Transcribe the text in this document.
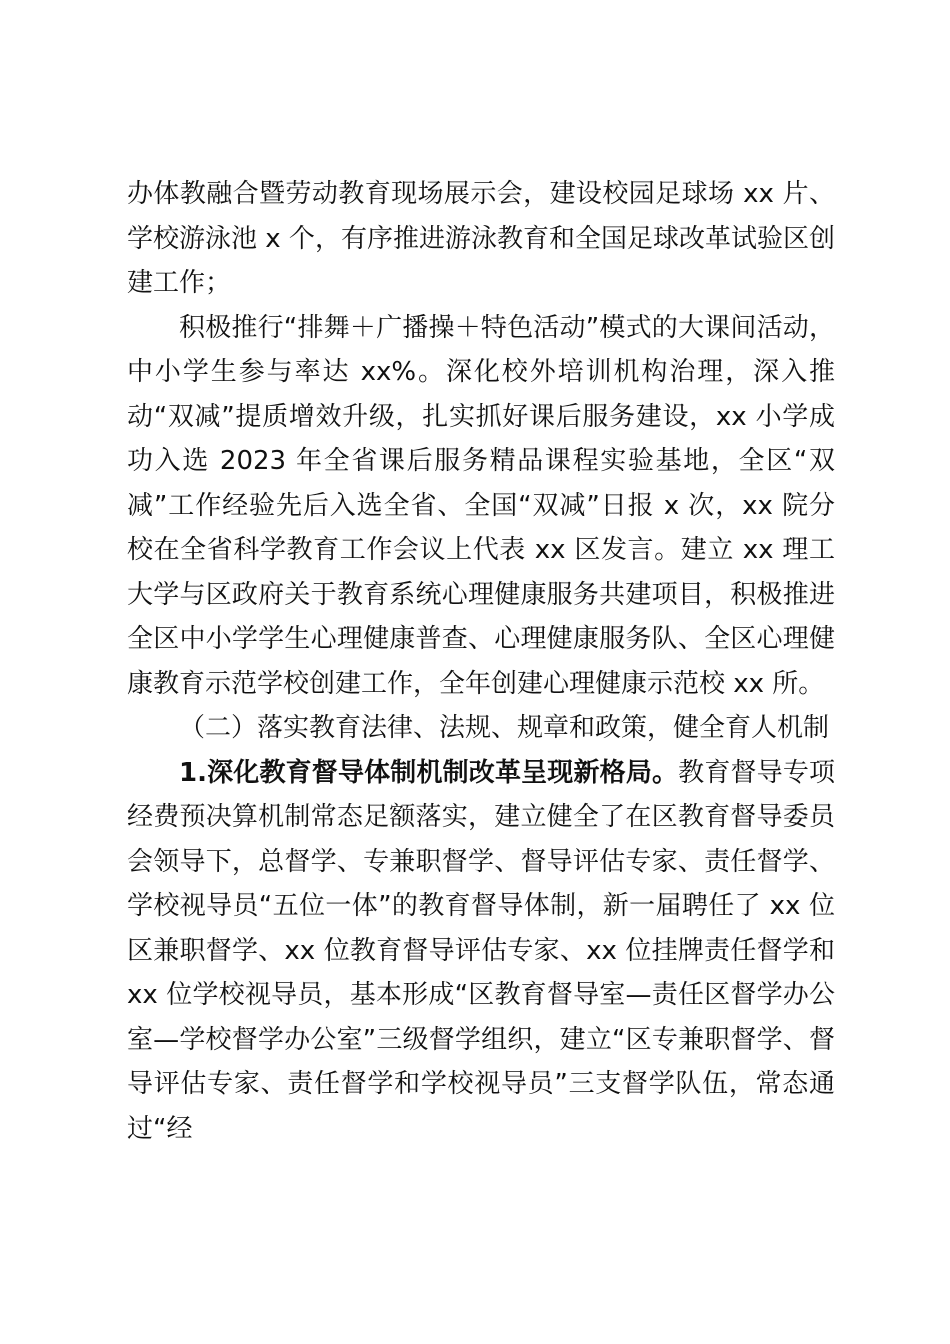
办体教融合暨劳动教育现场展示会，建设校园足球场 xx 片、学校游泳池 x 个，有序推进游泳教育和全国足球改革试验区创建工作；

积极推行“排舞＋广播操＋特色活动”模式的大课间活动，中小学生参与率达 xx%。深化校外培训机构治理，深入推动“双减”提质增效升级，扎实抓好课后服务建设，xx 小学成功入选 2023 年全省课后服务精品课程实验基地，全区“双减”工作经验先后入选全省、全国“双减”日报 x 次，xx 院分校在全省科学教育工作会议上代表 xx 区发言。建立 xx 理工大学与区政府关于教育系统心理健康服务共建项目，积极推进全区中小学学生心理健康普查、心理健康服务队、全区心理健康教育示范学校创建工作，全年创建心理健康示范校 xx 所。

（二）落实教育法律、法规、规章和政策，健全育人机制

1.深化教育督导体制机制改革呈现新格局。教育督导专项经费预决算机制常态足额落实，建立健全了在区教育督导委员会领导下，总督学、专兼职督学、督导评估专家、责任督学、学校视导员“五位一体”的教育督导体制，新一届聘任了 xx 位区兼职督学、xx 位教育督导评估专家、xx 位挂牌责任督学和 xx 位学校视导员，基本形成“区教育督导室—责任区督学办公室—学校督学办公室”三级督学组织，建立“区专兼职督学、督导评估专家、责任督学和学校视导员”三支督学队伍，常态通过“经
